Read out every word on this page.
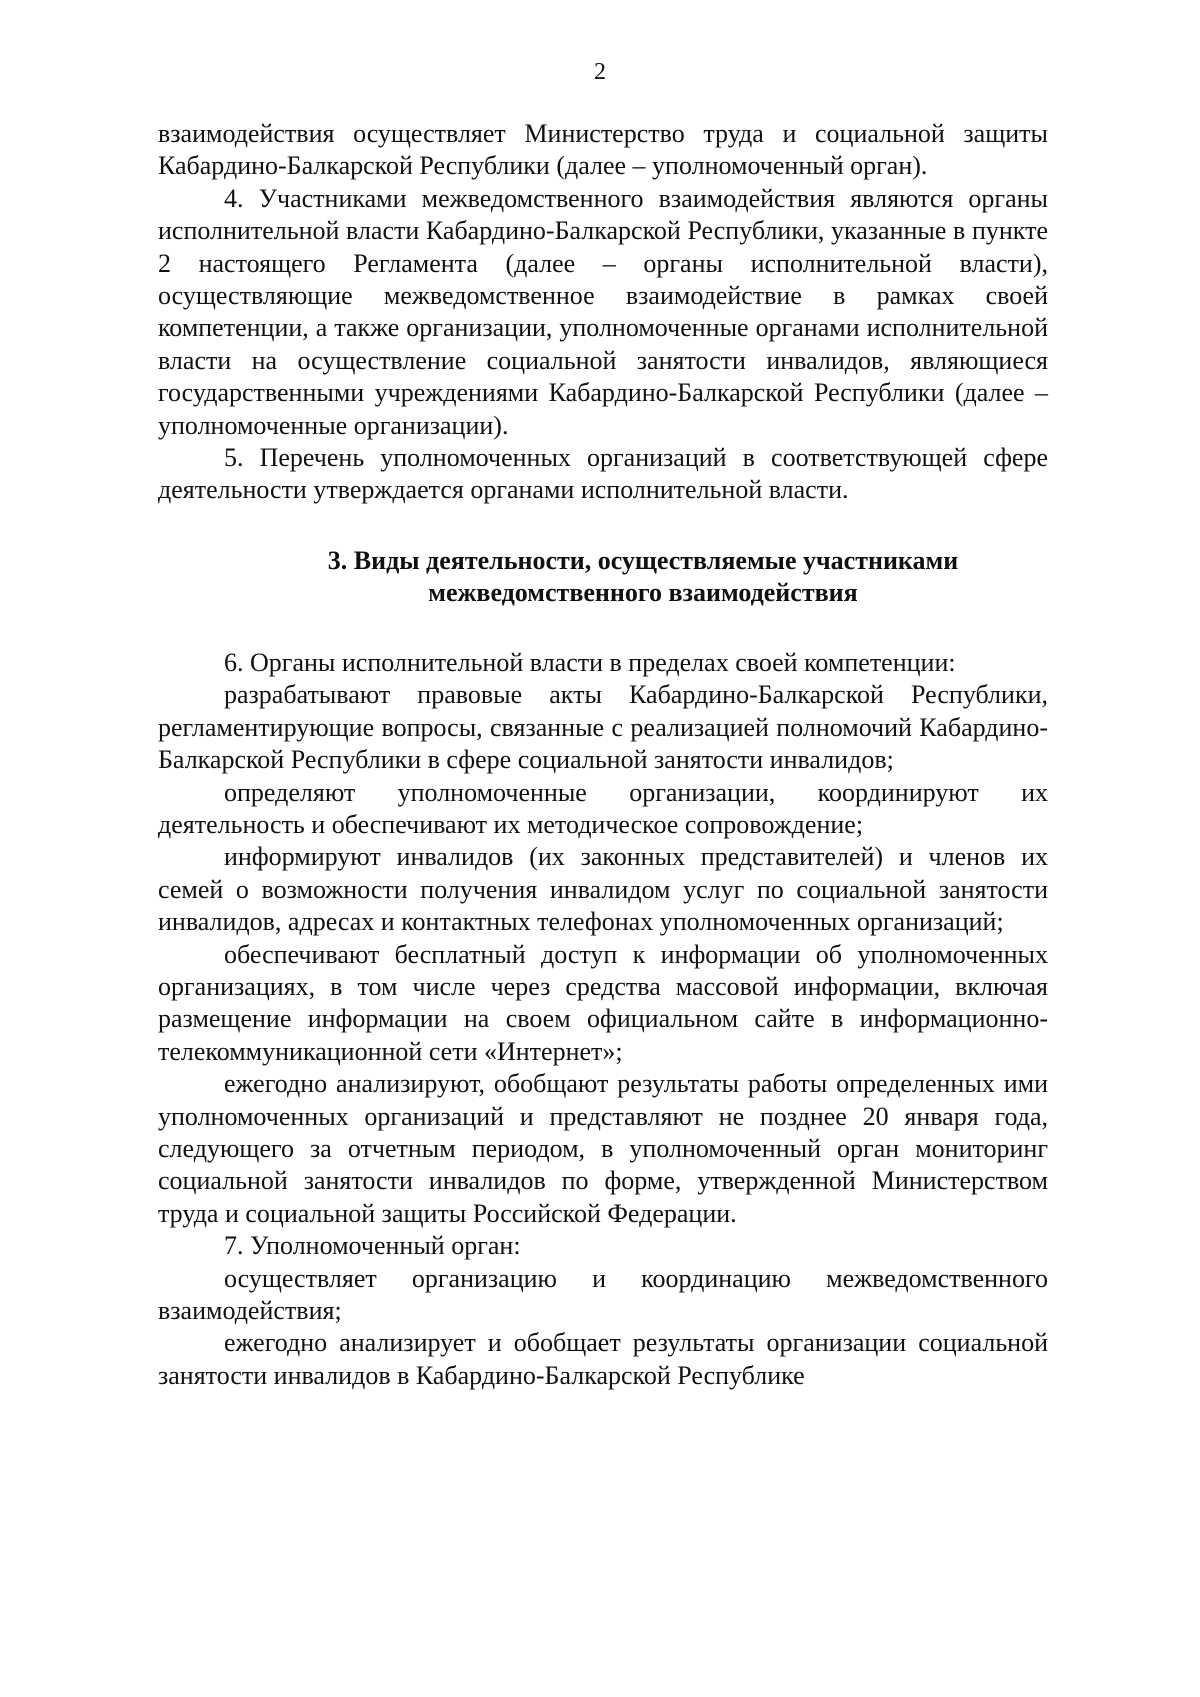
2

взаимодействия осуществляет Министерство труда и социальной защиты Кабардино-Балкарской Республики (далее – уполномоченный орган).

4. Участниками межведомственного взаимодействия являются органы исполнительной власти Кабардино-Балкарской Республики, указанные в пункте 2 настоящего Регламента (далее – органы исполнительной власти), осуществляющие межведомственное взаимодействие в рамках своей компетенции, а также организации, уполномоченные органами исполнительной власти на осуществление социальной занятости инвалидов, являющиеся государственными учреждениями Кабардино-Балкарской Республики (далее – уполномоченные организации).

5. Перечень уполномоченных организаций в соответствующей сфере деятельности утверждается органами исполнительной власти.

3. Виды деятельности, осуществляемые участниками
межведомственного взаимодействия

6. Органы исполнительной власти в пределах своей компетенции:

разрабатывают правовые акты Кабардино-Балкарской Республики, регламентирующие вопросы, связанные с реализацией полномочий Кабардино-Балкарской Республики в сфере социальной занятости инвалидов;

определяют уполномоченные организации, координируют их деятельность и обеспечивают их методическое сопровождение;

информируют инвалидов (их законных представителей) и членов их семей о возможности получения инвалидом услуг по социальной занятости инвалидов, адресах и контактных телефонах уполномоченных организаций;

обеспечивают бесплатный доступ к информации об уполномоченных организациях, в том числе через средства массовой информации, включая размещение информации на своем официальном сайте в информационно-телекоммуникационной сети «Интернет»;

ежегодно анализируют, обобщают результаты работы определенных ими уполномоченных организаций и представляют не позднее 20 января года, следующего за отчетным периодом, в уполномоченный орган мониторинг социальной занятости инвалидов по форме, утвержденной Министерством труда и социальной защиты Российской Федерации.

7. Уполномоченный орган:

осуществляет организацию и координацию межведомственного взаимодействия;

ежегодно анализирует и обобщает результаты организации социальной занятости инвалидов в Кабардино-Балкарской Республике
